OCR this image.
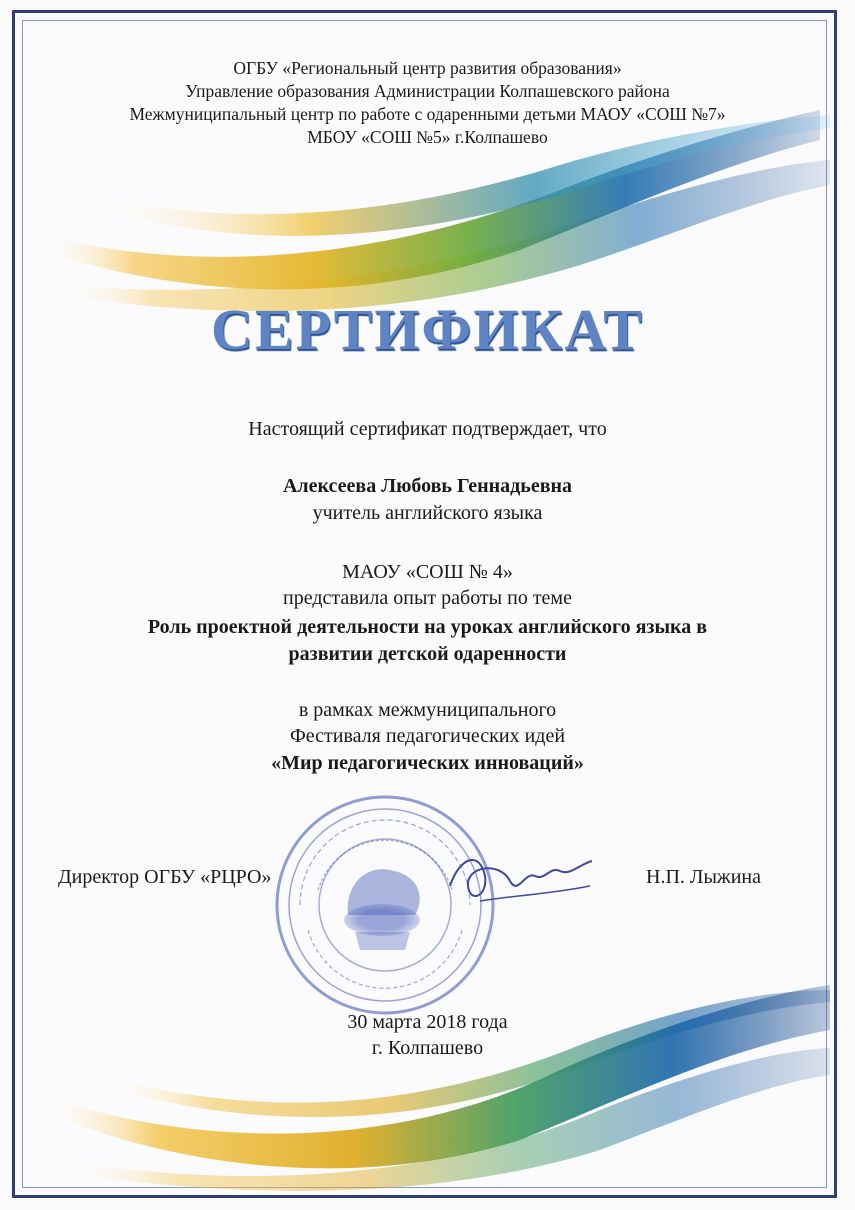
ОГБУ «Региональный центр развития образования»
Управление образования Администрации Колпашевского района
Межмуниципальный центр по работе с одаренными детьми МАОУ «СОШ №7»
МБОУ «СОШ №5» г.Колпашево
СЕРТИФИКАТ
Настоящий сертификат подтверждает, что
Алексеева Любовь Геннадьевна
учитель английского языка
МАОУ «СОШ № 4»
представила опыт работы по теме
Роль проектной деятельности на уроках английского языка в
развитии детской одаренности
в рамках межмуниципального
Фестиваля педагогических идей
«Мир педагогических инноваций»
Директор ОГБУ «РЦРО»	Н.П. Лыжина
30 марта 2018 года
г. Колпашево
